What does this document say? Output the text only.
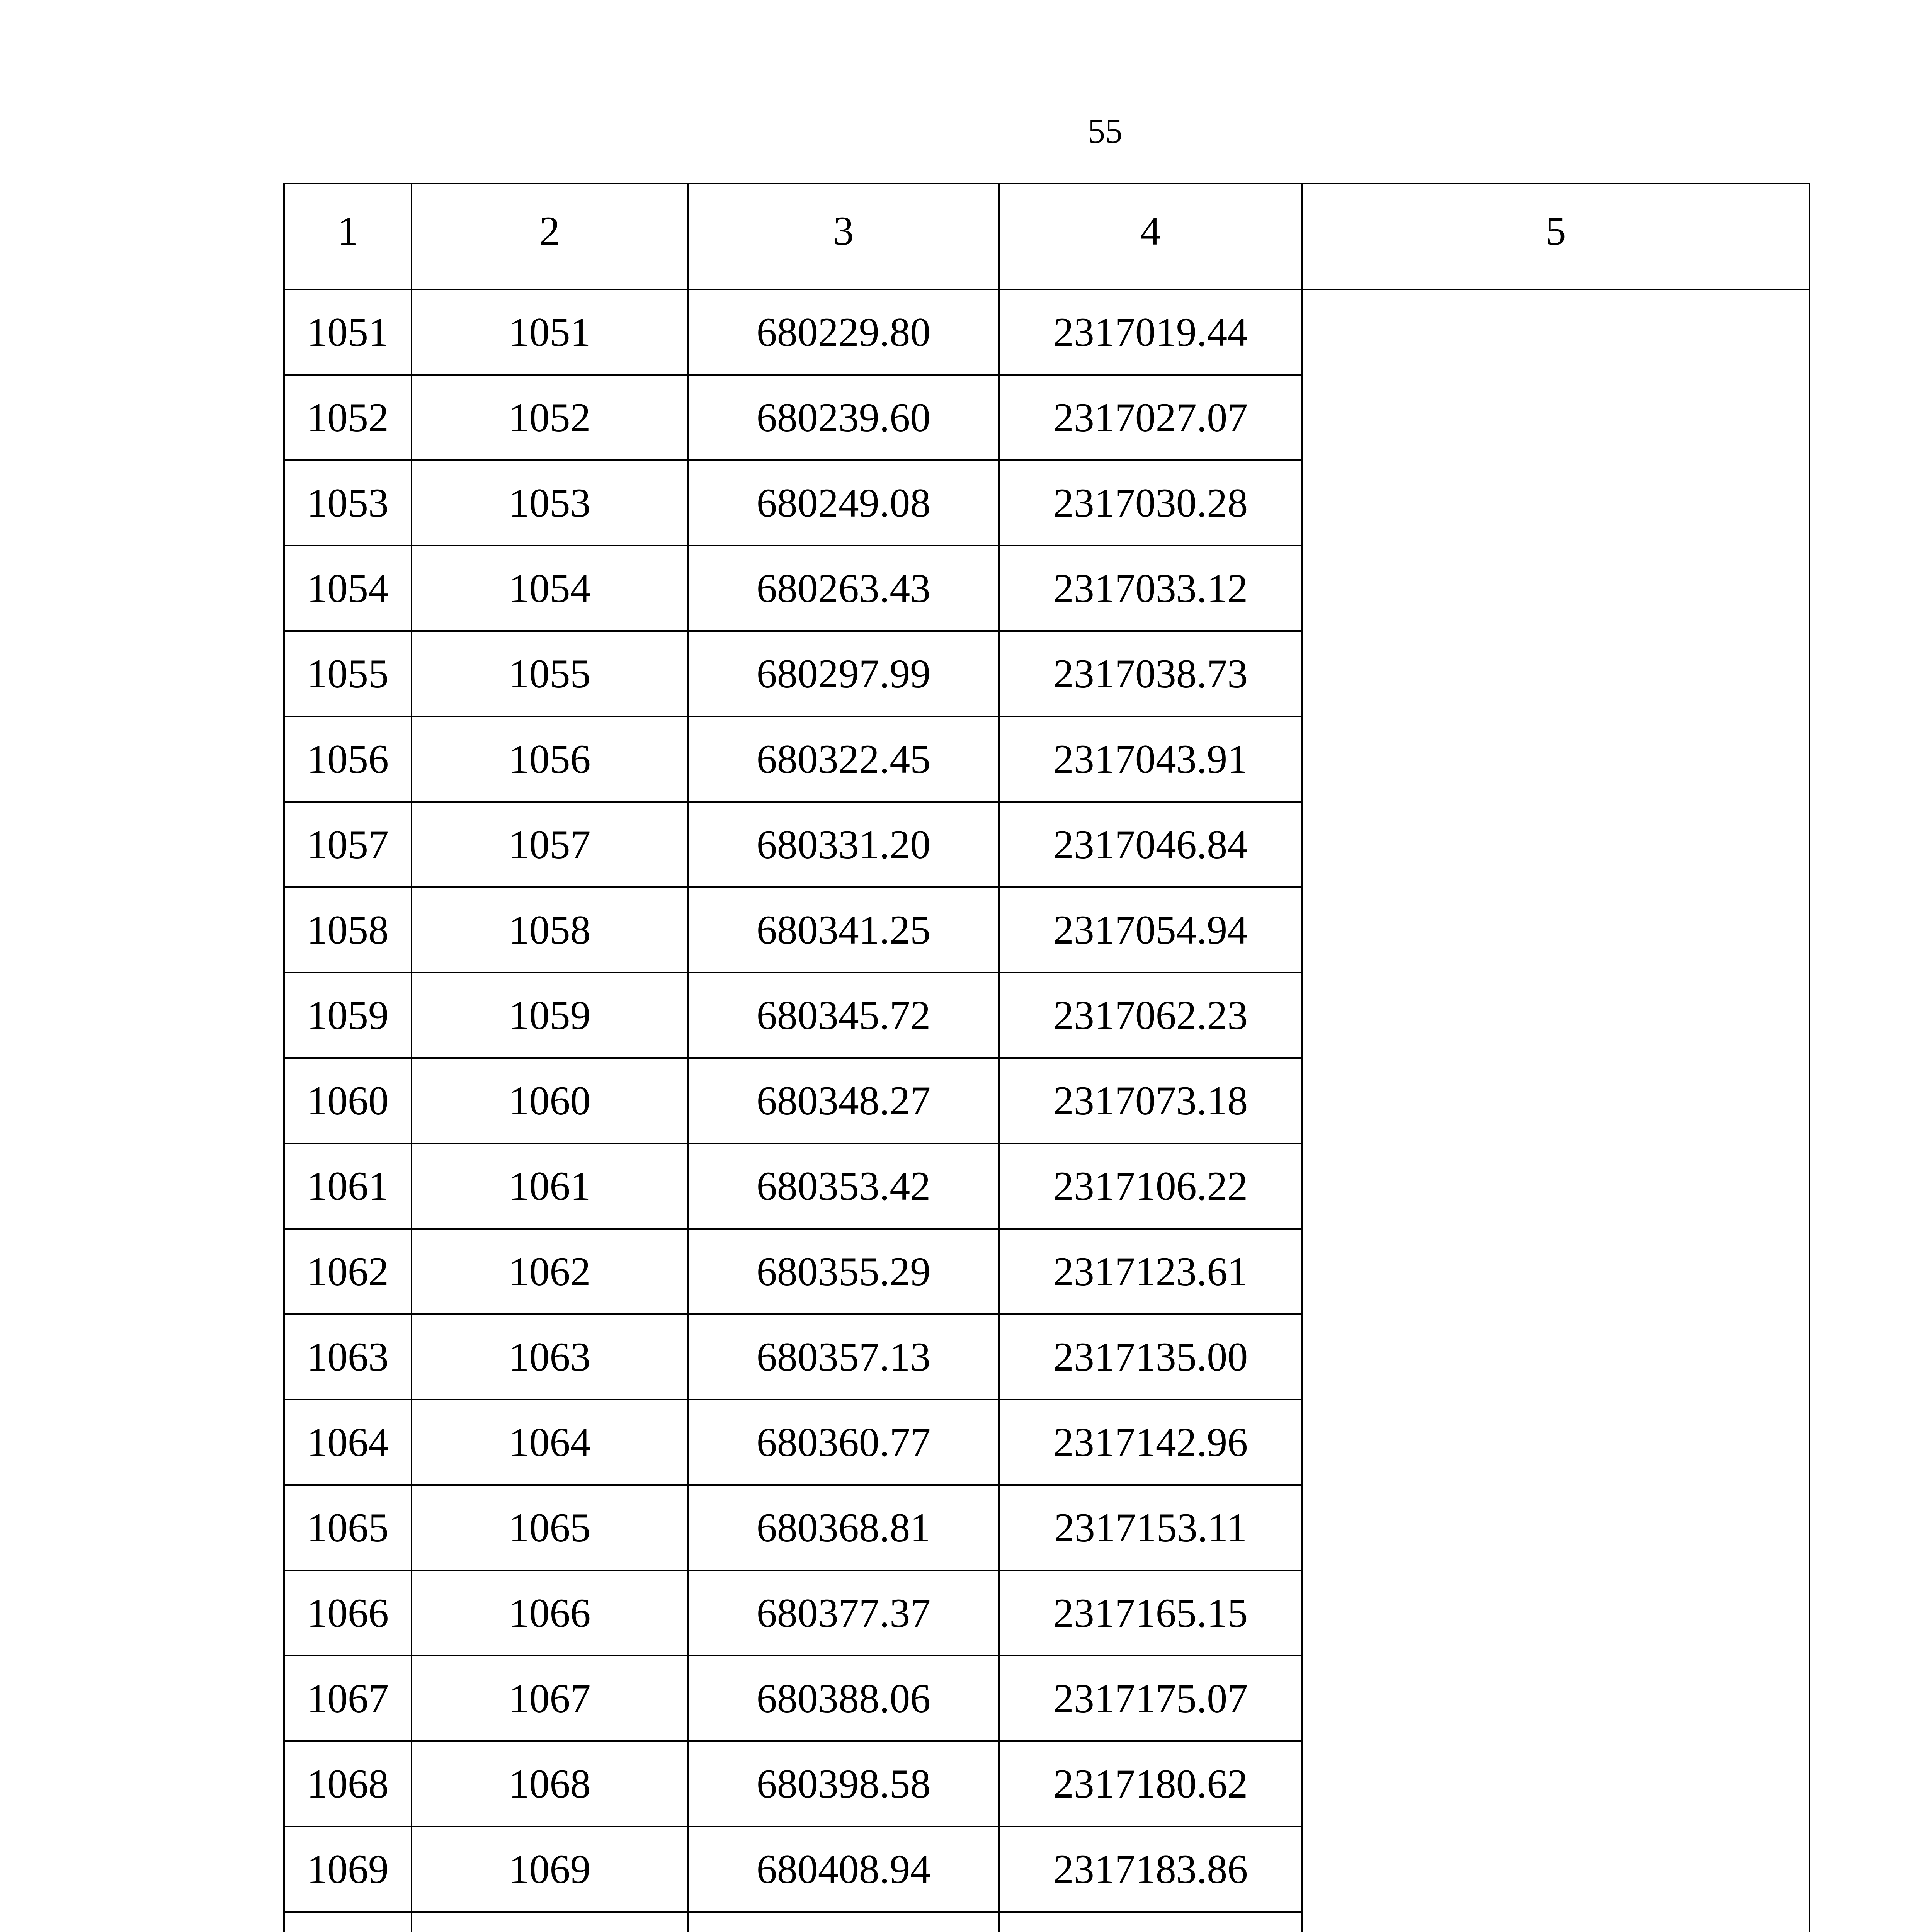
55
1	2	3	4	5
1051	1051	680229.80	2317019.44	
1052	1052	680239.60	2317027.07	
1053	1053	680249.08	2317030.28	
1054	1054	680263.43	2317033.12	
1055	1055	680297.99	2317038.73	
1056	1056	680322.45	2317043.91	
1057	1057	680331.20	2317046.84	
1058	1058	680341.25	2317054.94	
1059	1059	680345.72	2317062.23	
1060	1060	680348.27	2317073.18	
1061	1061	680353.42	2317106.22	
1062	1062	680355.29	2317123.61	
1063	1063	680357.13	2317135.00	
1064	1064	680360.77	2317142.96	
1065	1065	680368.81	2317153.11	
1066	1066	680377.37	2317165.15	
1067	1067	680388.06	2317175.07	
1068	1068	680398.58	2317180.62	
1069	1069	680408.94	2317183.86	
